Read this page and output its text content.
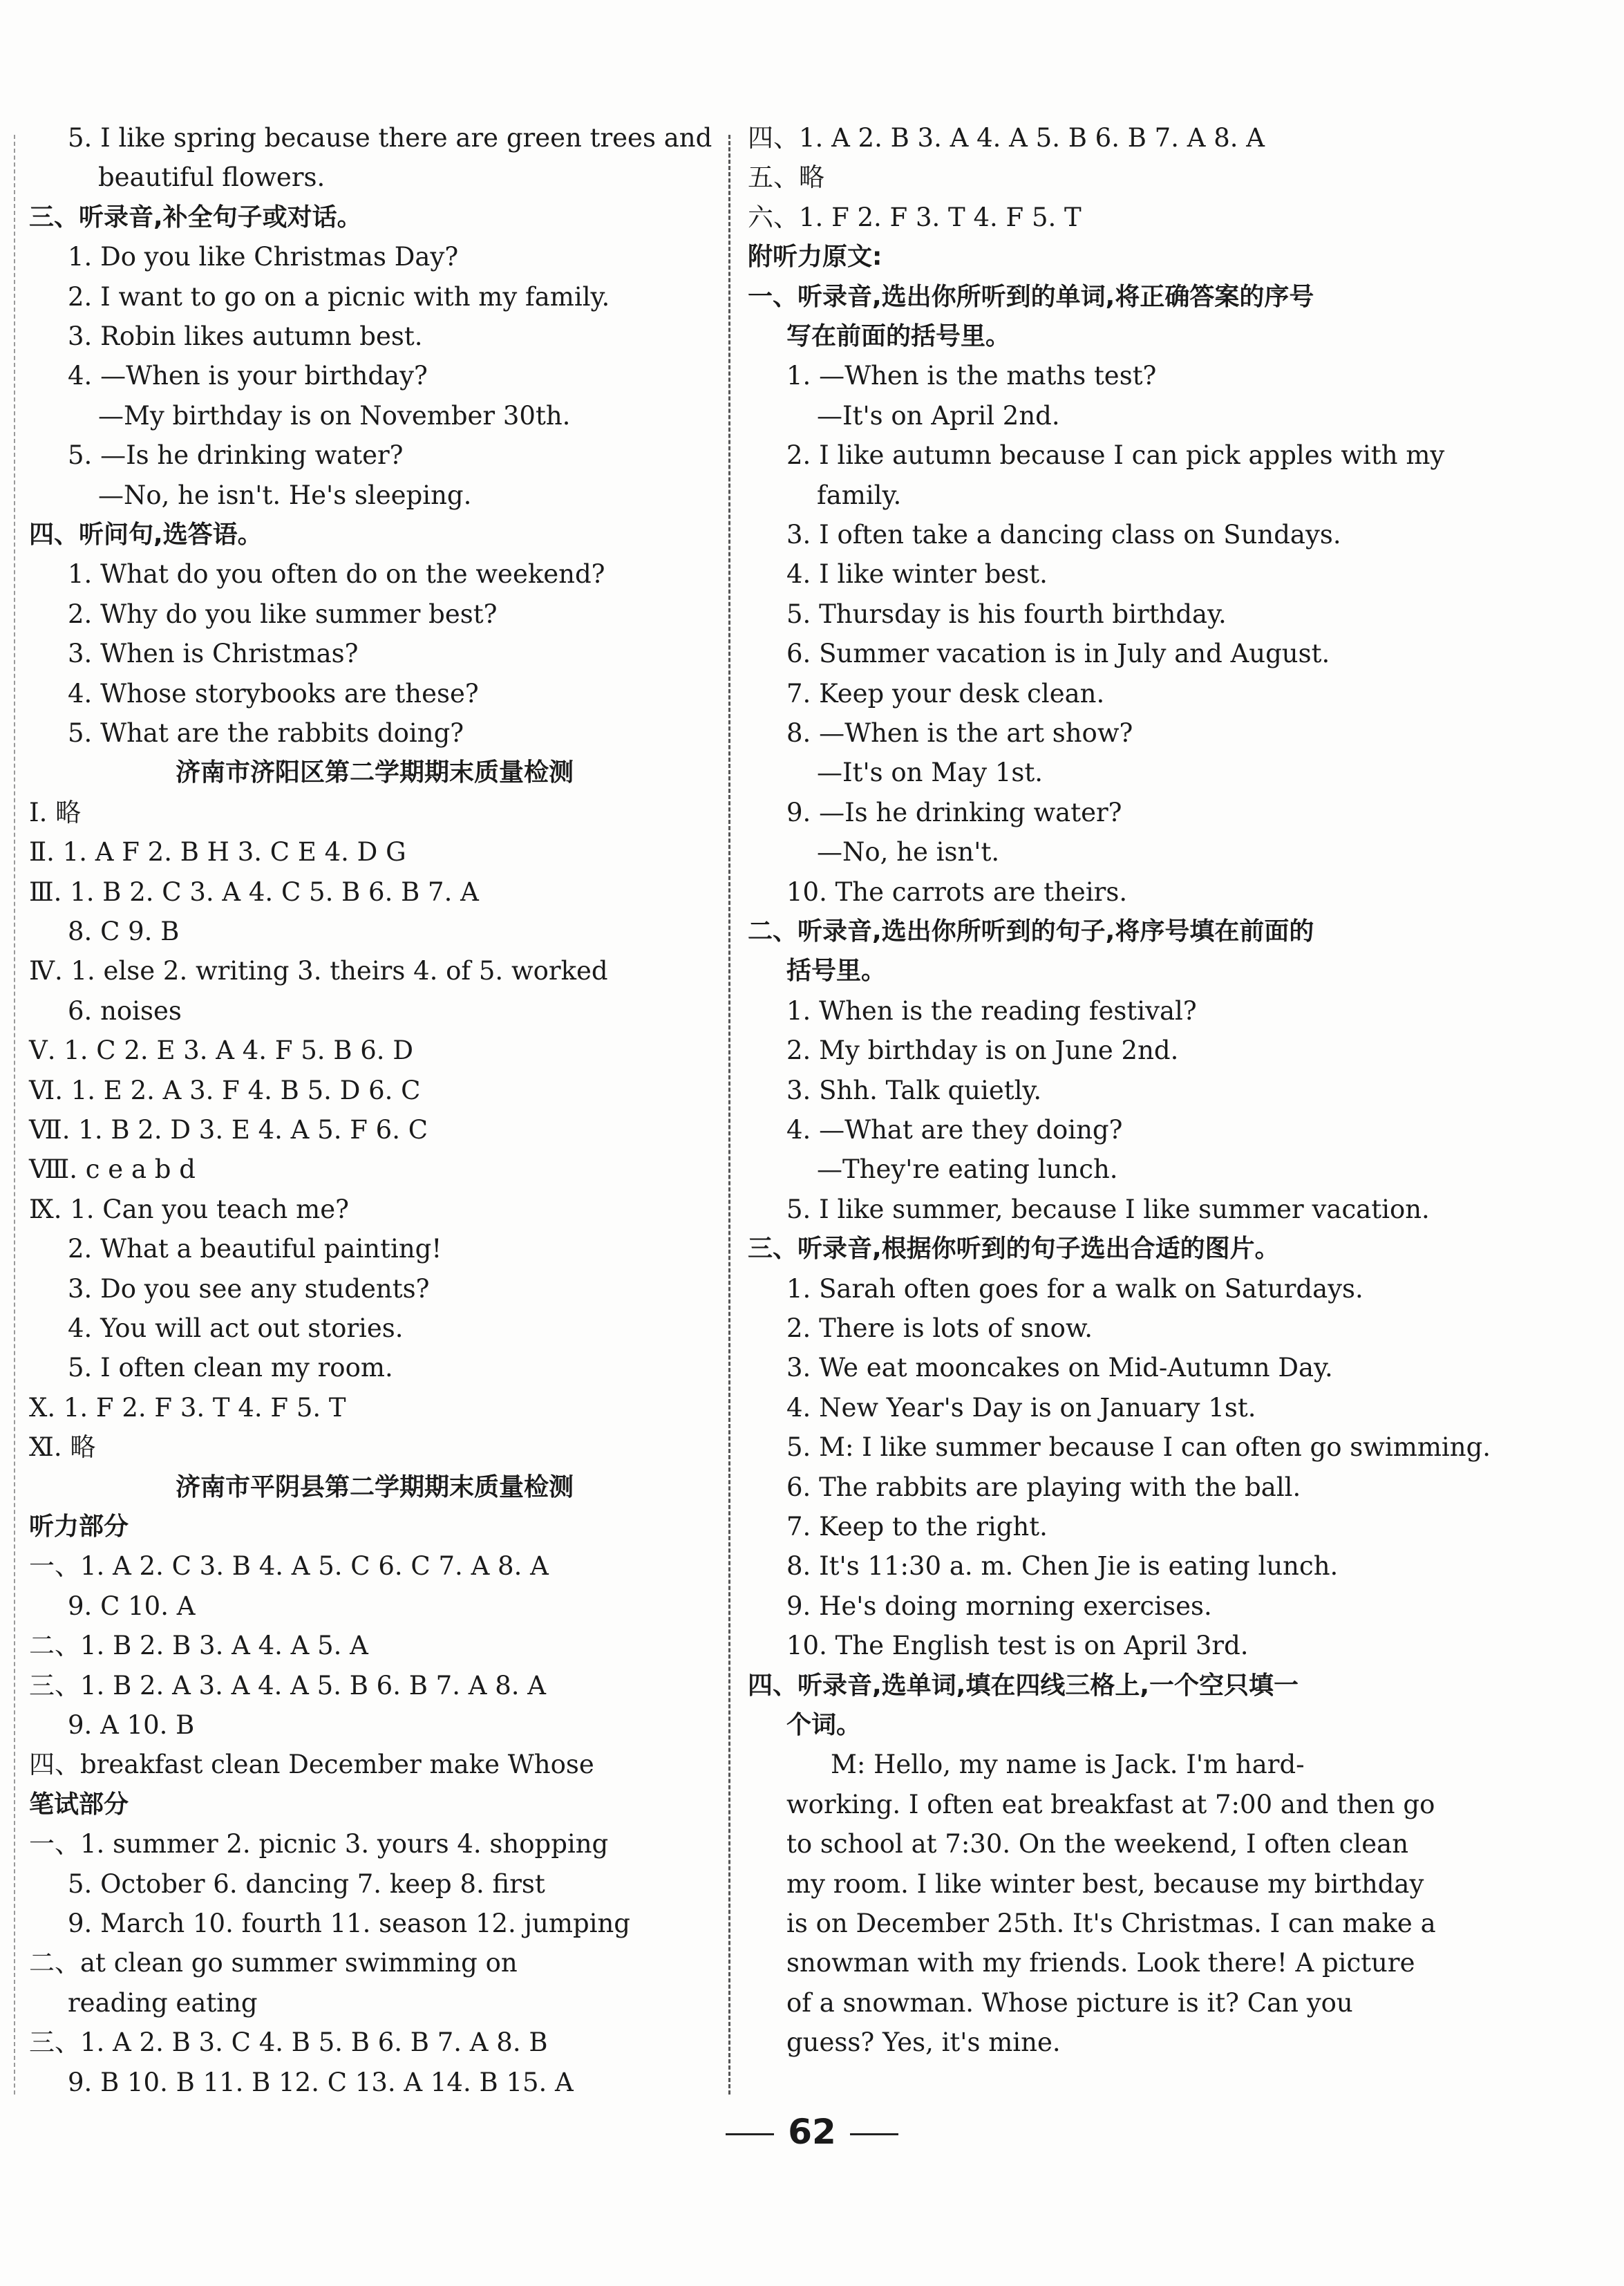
5. I like spring because there are green trees and
beautiful flowers.
三、听录音,补全句子或对话。
1. Do you like Christmas Day?
2. I want to go on a picnic with my family.
3. Robin likes autumn best.
4. —When is your birthday?
—My birthday is on November 30th.
5. —Is he drinking water?
—No, he isn't. He's sleeping.
四、听问句,选答语。
1. What do you often do on the weekend?
2. Why do you like summer best?
3. When is Christmas?
4. Whose storybooks are these?
5. What are the rabbits doing?
济南市济阳区第二学期期末质量检测
Ⅰ. 略
Ⅱ. 1. A F 2. B H 3. C E 4. D G
Ⅲ. 1. B 2. C 3. A 4. C 5. B 6. B 7. A
8. C 9. B
Ⅳ. 1. else 2. writing 3. theirs 4. of 5. worked
6. noises
Ⅴ. 1. C 2. E 3. A 4. F 5. B 6. D
Ⅵ. 1. E 2. A 3. F 4. B 5. D 6. C
Ⅶ. 1. B 2. D 3. E 4. A 5. F 6. C
Ⅷ. c e a b d
Ⅸ. 1. Can you teach me?
2. What a beautiful painting!
3. Do you see any students?
4. You will act out stories.
5. I often clean my room.
Ⅹ. 1. F 2. F 3. T 4. F 5. T
Ⅺ. 略
济南市平阴县第二学期期末质量检测
听力部分
一、1. A 2. C 3. B 4. A 5. C 6. C 7. A 8. A
9. C 10. A
二、1. B 2. B 3. A 4. A 5. A
三、1. B 2. A 3. A 4. A 5. B 6. B 7. A 8. A
9. A 10. B
四、breakfast clean December make Whose
笔试部分
一、1. summer 2. picnic 3. yours 4. shopping
5. October 6. dancing 7. keep 8. first
9. March 10. fourth 11. season 12. jumping
二、at clean go summer swimming on
reading eating
三、1. A 2. B 3. C 4. B 5. B 6. B 7. A 8. B
9. B 10. B 11. B 12. C 13. A 14. B 15. A
四、1. A 2. B 3. A 4. A 5. B 6. B 7. A 8. A
五、略
六、1. F 2. F 3. T 4. F 5. T
附听力原文:
一、听录音,选出你所听到的单词,将正确答案的序号
写在前面的括号里。
1. —When is the maths test?
—It's on April 2nd.
2. I like autumn because I can pick apples with my
family.
3. I often take a dancing class on Sundays.
4. I like winter best.
5. Thursday is his fourth birthday.
6. Summer vacation is in July and August.
7. Keep your desk clean.
8. —When is the art show?
—It's on May 1st.
9. —Is he drinking water?
—No, he isn't.
10. The carrots are theirs.
二、听录音,选出你所听到的句子,将序号填在前面的
括号里。
1. When is the reading festival?
2. My birthday is on June 2nd.
3. Shh. Talk quietly.
4. —What are they doing?
—They're eating lunch.
5. I like summer, because I like summer vacation.
三、听录音,根据你听到的句子选出合适的图片。
1. Sarah often goes for a walk on Saturdays.
2. There is lots of snow.
3. We eat mooncakes on Mid-Autumn Day.
4. New Year's Day is on January 1st.
5. M: I like summer because I can often go swimming.
6. The rabbits are playing with the ball.
7. Keep to the right.
8. It's 11:30 a. m. Chen Jie is eating lunch.
9. He's doing morning exercises.
10. The English test is on April 3rd.
四、听录音,选单词,填在四线三格上,一个空只填一
个词。
M: Hello, my name is Jack. I'm hard-
working. I often eat breakfast at 7:00 and then go
to school at 7:30. On the weekend, I often clean
my room. I like winter best, because my birthday
is on December 25th. It's Christmas. I can make a
snowman with my friends. Look there! A picture
of a snowman. Whose picture is it? Can you
guess? Yes, it's mine.
62
